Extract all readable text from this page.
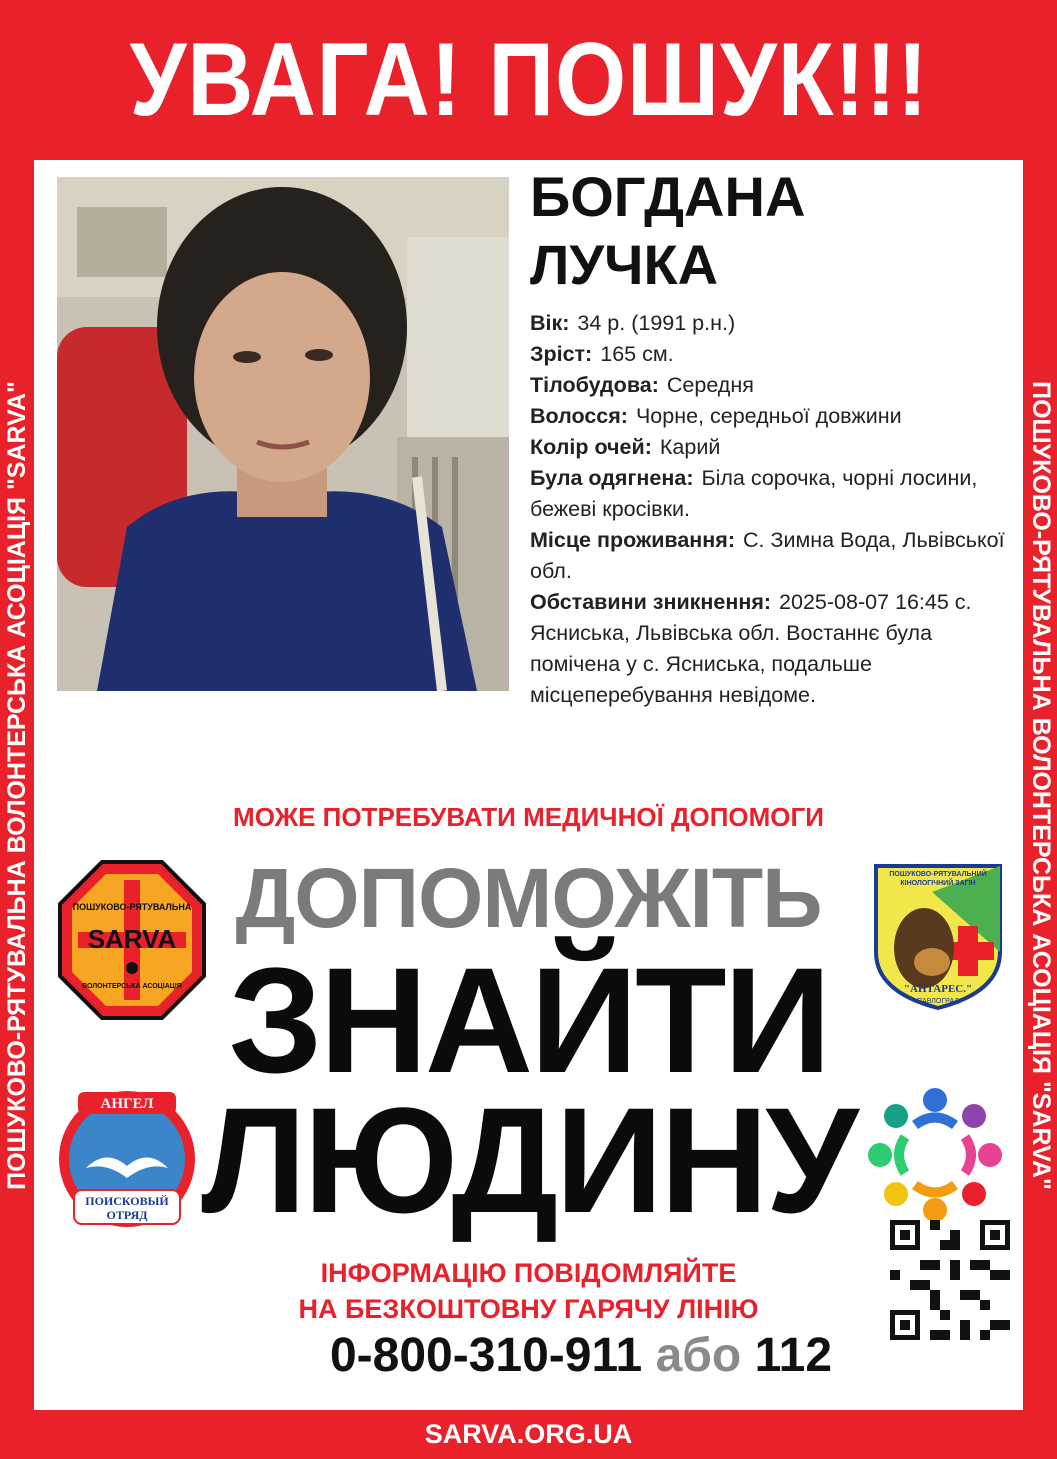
УВАГА! ПОШУК!!!
ПОШУКОВО-РЯТУВАЛЬНА ВОЛОНТЕРСЬКА АСОЦІАЦІЯ "SARVA"	ПОШУКОВО-РЯТУВАЛЬНА ВОЛОНТЕРСЬКА АСОЦІАЦІЯ "SARVA"
БОГДАНА
ЛУЧКА
Вік: 34 р. (1991 р.н.)
Зріст: 165 см.
Тілобудова: Середня
Волосся: Чорне, середньої довжини
Колір очей: Карий
Була одягнена: Біла сорочка, чорні лосини, бежеві кросівки.
Місце проживання: С. Зимна Вода, Львівської обл.
Обставини зникнення: 2025-08-07 16:45 с. Ясниська, Львівська обл. Востаннє була помічена у с. Ясниська, подальше місцеперебування невідоме.
МОЖЕ ПОТРЕБУВАТИ МЕДИЧНОЇ ДОПОМОГИ
ДОПОМОЖІТЬ
ЗНАЙТИ
ЛЮДИНУ
ПОШУКОВО-РЯТУВАЛЬНА
SARVA
ВОЛОНТЕРСЬКА АСОЦІАЦІЯ
ПОШУКОВО-РЯТУВАЛЬНИЙ
КІНОЛОГІЧНИЙ ЗАГІН
"АНТАРЕС."
ПАВЛОГРАД
АНГЕЛ
ПОИСКОВЫЙ
ОТРЯД
ІНФОРМАЦІЮ ПОВІДОМЛЯЙТЕ
НА БЕЗКОШТОВНУ ГАРЯЧУ ЛІНІЮ
0-800-310-911 або 112
SARVA.ORG.UA
